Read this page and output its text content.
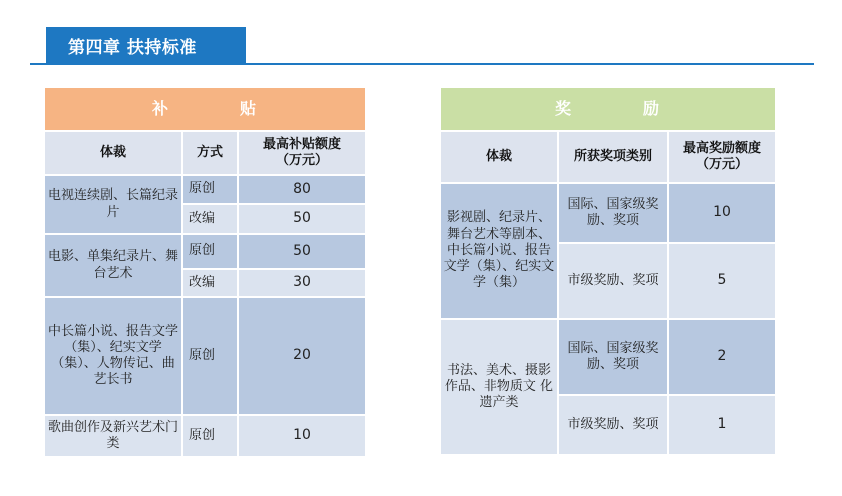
第四章 扶持标准
补 贴		
体裁	方式	最高补贴额度
（万元）

电视连续剧、长篇纪录片	原创	80
	改编	50
电影、单集纪录片、舞台艺术	原创	50
	改编	30
中长篇小说、报告文学（集）、纪实文学（集）、人物传记、曲艺长书	原创	20
歌曲创作及新兴艺术门类	原创	10
奖 励		
体裁	所获奖项类别	最高奖励额度
（万元）

影视剧、纪录片、舞台艺术等剧本、中长篇小说、报告文学（集）、纪实文学（集）	国际、国家级奖励、奖项	10
	市级奖励、奖项	5
书法、美术、摄影作品、非物质文 化遗产类	国际、国家级奖励、奖项	2
	市级奖励、奖项	1
